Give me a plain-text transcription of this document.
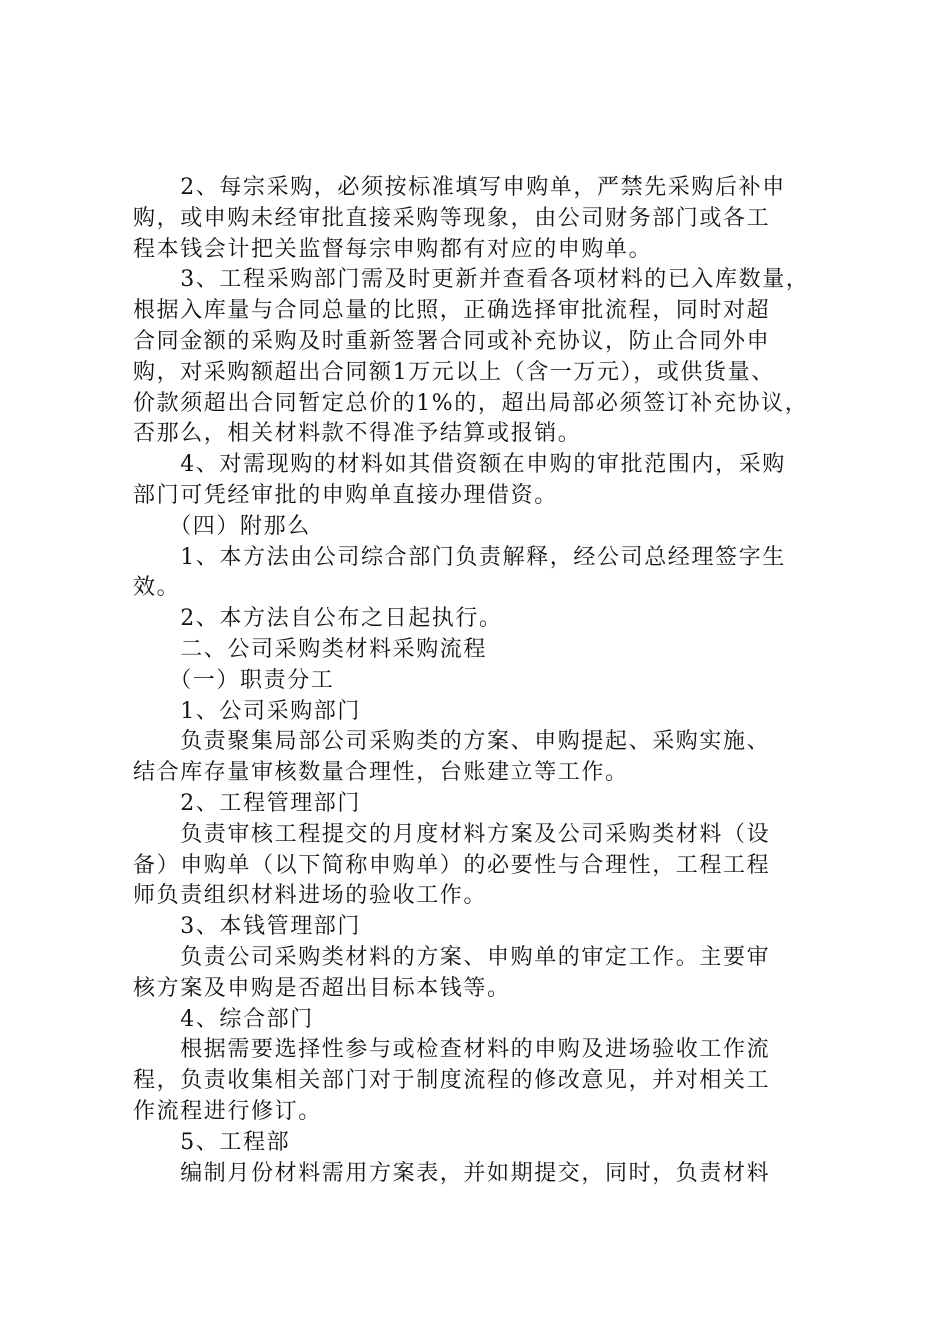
　　2、每宗采购，必须按标准填写申购单，严禁先采购后补申

购，或申购未经审批直接采购等现象，由公司财务部门或各工

程本钱会计把关监督每宗申购都有对应的申购单。

　　3、工程采购部门需及时更新并查看各项材料的已入库数量，

根据入库量与合同总量的比照，正确选择审批流程，同时对超

合同金额的采购及时重新签署合同或补充协议，防止合同外申

购，对采购额超出合同额1万元以上（含一万元），或供货量、

价款须超出合同暂定总价的1%的，超出局部必须签订补充协议，

否那么，相关材料款不得准予结算或报销。

　　4、对需现购的材料如其借资额在申购的审批范围内，采购

部门可凭经审批的申购单直接办理借资。

　　（四）附那么

　　1、本方法由公司综合部门负责解释，经公司总经理签字生

效。

　　2、本方法自公布之日起执行。

　　二、公司采购类材料采购流程

　　（一）职责分工

　　1、公司采购部门

　　负责聚集局部公司采购类的方案、申购提起、采购实施、

结合库存量审核数量合理性，台账建立等工作。

　　2、工程管理部门

　　负责审核工程提交的月度材料方案及公司采购类材料（设

备）申购单（以下简称申购单）的必要性与合理性，工程工程

师负责组织材料进场的验收工作。

　　3、本钱管理部门

　　负责公司采购类材料的方案、申购单的审定工作。主要审

核方案及申购是否超出目标本钱等。

　　4、综合部门

　　根据需要选择性参与或检查材料的申购及进场验收工作流

程，负责收集相关部门对于制度流程的修改意见，并对相关工

作流程进行修订。

　　5、工程部

　　编制月份材料需用方案表，并如期提交，同时，负责材料
